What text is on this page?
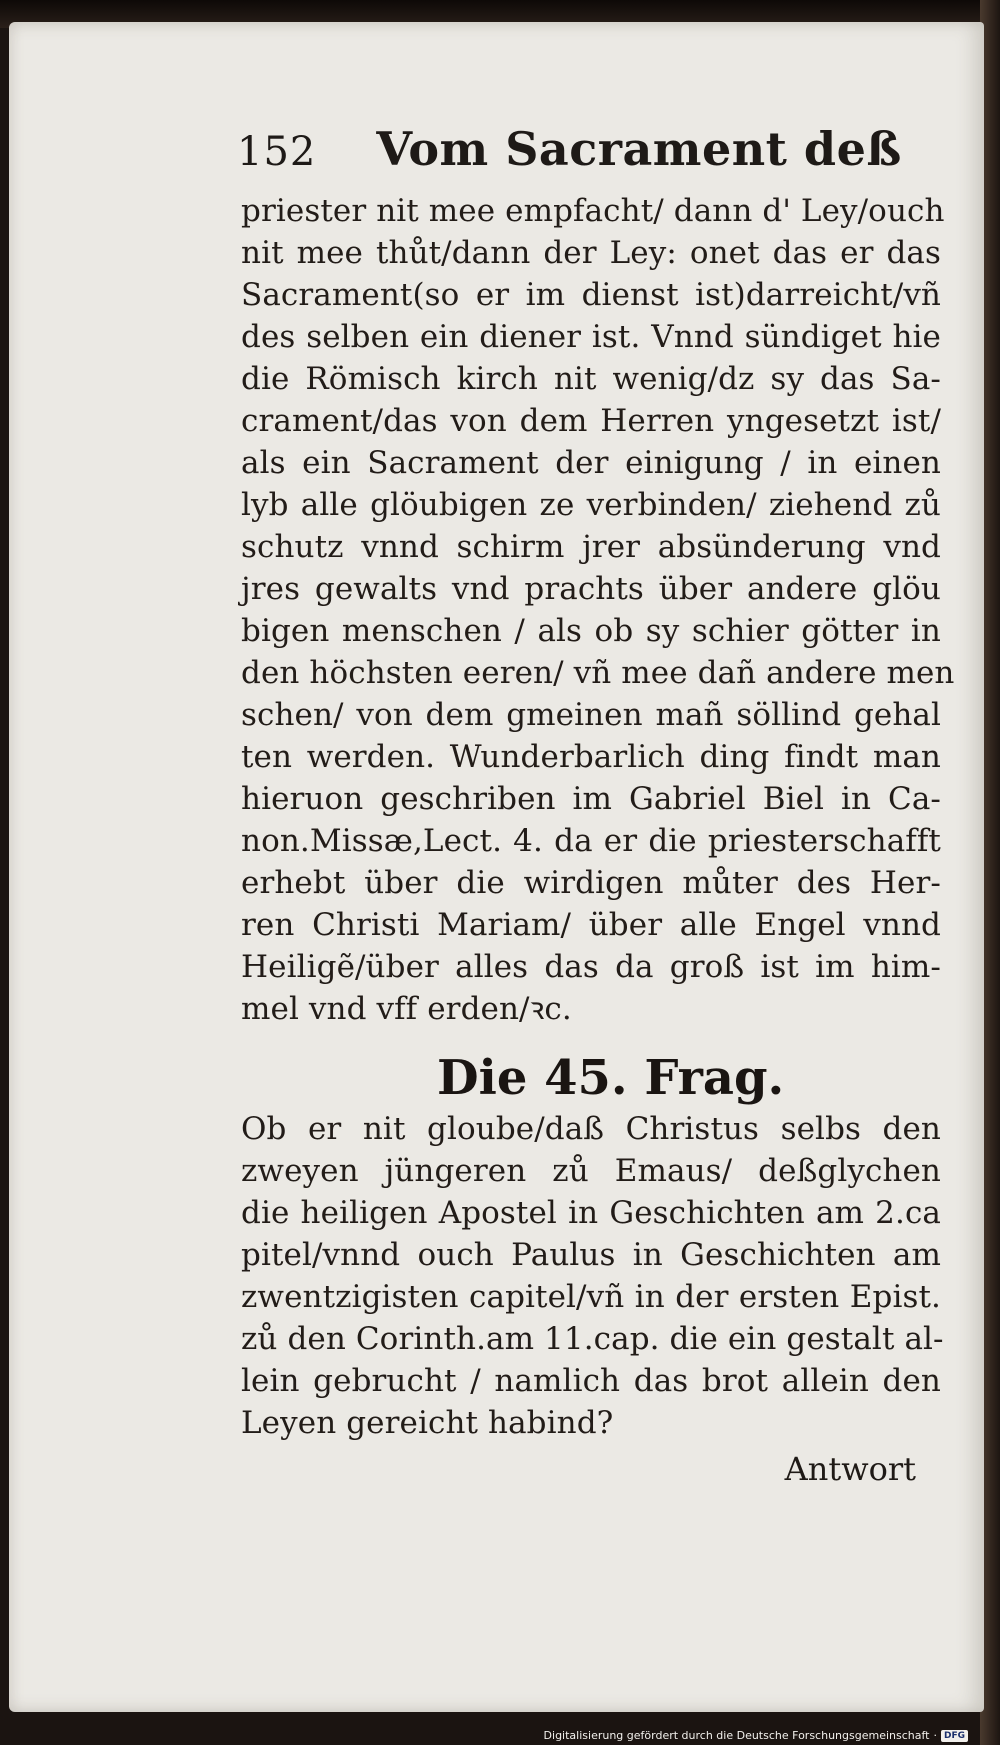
152 Vom Sacrament deß
priester nit mee empfacht/ dann d' Ley/ouch
nit mee thůt/dann der Ley: onet das er das
Sacrament(so er im dienst ist)darreicht/vñ
des selben ein diener ist. Vnnd sündiget hie
die Römisch kirch nit wenig/dz sy das Sa-
crament/das von dem Herren yngesetzt ist/
als ein Sacrament der einigung / in einen
lyb alle glöubigen ze verbinden/ ziehend zů
schutz vnnd schirm jrer absünderung vnd
jres gewalts vnd prachts über andere glöu
bigen menschen / als ob sy schier götter in
den höchsten eeren/ vñ mee dañ andere men
schen/ von dem gmeinen mañ söllind gehal
ten werden. Wunderbarlich ding findt man
hieruon geschriben im Gabriel Biel in Ca-
non.Missæ,Lect. 4. da er die priesterschafft
erhebt über die wirdigen můter des Her-
ren Christi Mariam/ über alle Engel vnnd
Heiligẽ/über alles das da groß ist im him-
mel vnd vff erden/ꝛc.
Die 45. Frag.
Ob er nit gloube/daß Christus selbs den
zweyen jüngeren zů Emaus/ deßglychen
die heiligen Apostel in Geschichten am 2.ca
pitel/vnnd ouch Paulus in Geschichten am
zwentzigisten capitel/vñ in der ersten Epist.
zů den Corinth.am 11.cap. die ein gestalt al-
lein gebrucht / namlich das brot allein den
Leyen gereicht habind?
Antwort
Digitalisierung gefördert durch die Deutsche Forschungsgemeinschaft · DFG
